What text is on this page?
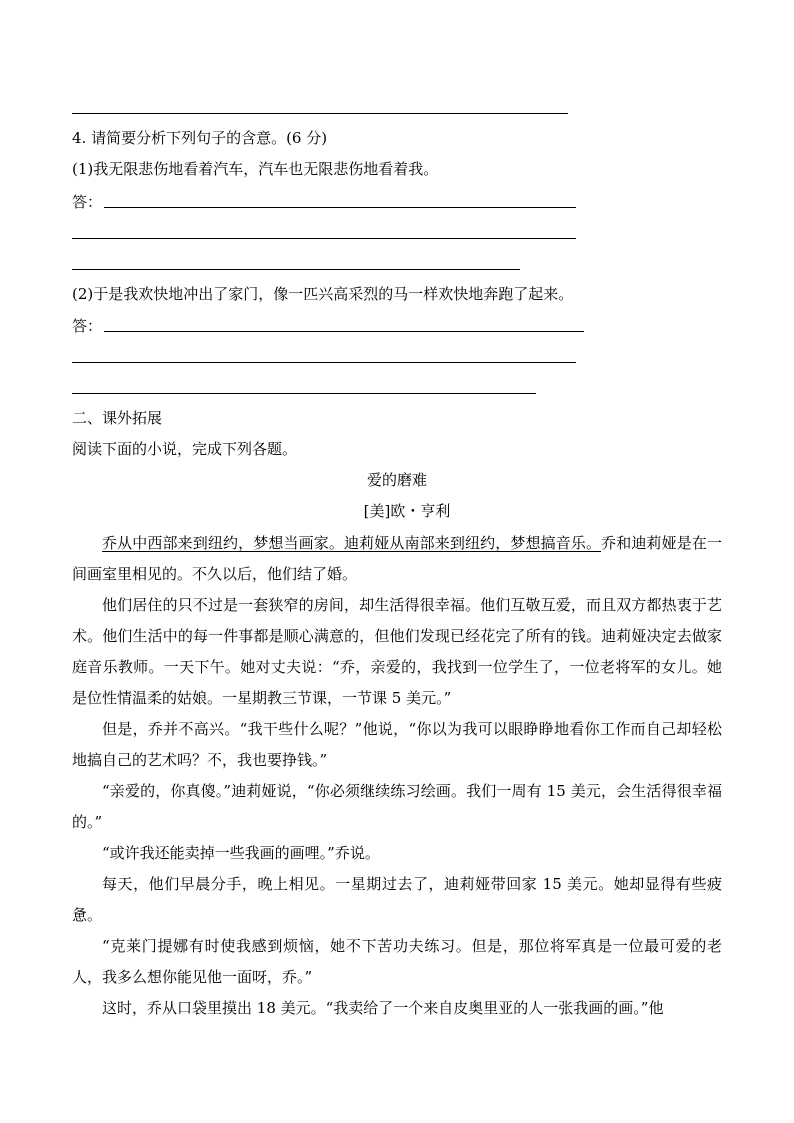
4. 请简要分析下列句子的含意。(6 分)
(1)我无限悲伤地看着汽车，汽车也无限悲伤地看着我。
答：
(2)于是我欢快地冲出了家门，像一匹兴高采烈的马一样欢快地奔跑了起来。
答：
二、课外拓展
阅读下面的小说，完成下列各题。
爱的磨难
[美]欧・亨利

乔从中西部来到纽约，梦想当画家。迪莉娅从南部来到纽约，梦想搞音乐。乔和迪莉娅是在一间画室里相见的。不久以后，他们结了婚。

他们居住的只不过是一套狭窄的房间，却生活得很幸福。他们互敬互爱，而且双方都热衷于艺术。他们生活中的每一件事都是顺心满意的，但他们发现已经花完了所有的钱。迪莉娅决定去做家庭音乐教师。一天下午。她对丈夫说：“乔，亲爱的，我找到一位学生了，一位老将军的女儿。她是位性情温柔的姑娘。一星期教三节课，一节课 5 美元。”

但是，乔并不高兴。“我干些什么呢？”他说，“你以为我可以眼睁睁地看你工作而自己却轻松地搞自己的艺术吗？不，我也要挣钱。”

“亲爱的，你真傻。”迪莉娅说，“你必须继续练习绘画。我们一周有 15 美元，会生活得很幸福的。”

“或许我还能卖掉一些我画的画哩。”乔说。

每天，他们早晨分手，晚上相见。一星期过去了，迪莉娅带回家 15 美元。她却显得有些疲惫。

“克莱门提娜有时使我感到烦恼，她不下苦功夫练习。但是，那位将军真是一位最可爱的老人，我多么想你能见他一面呀，乔。”

这时，乔从口袋里摸出 18 美元。“我卖给了一个来自皮奥里亚的人一张我画的画。”他
